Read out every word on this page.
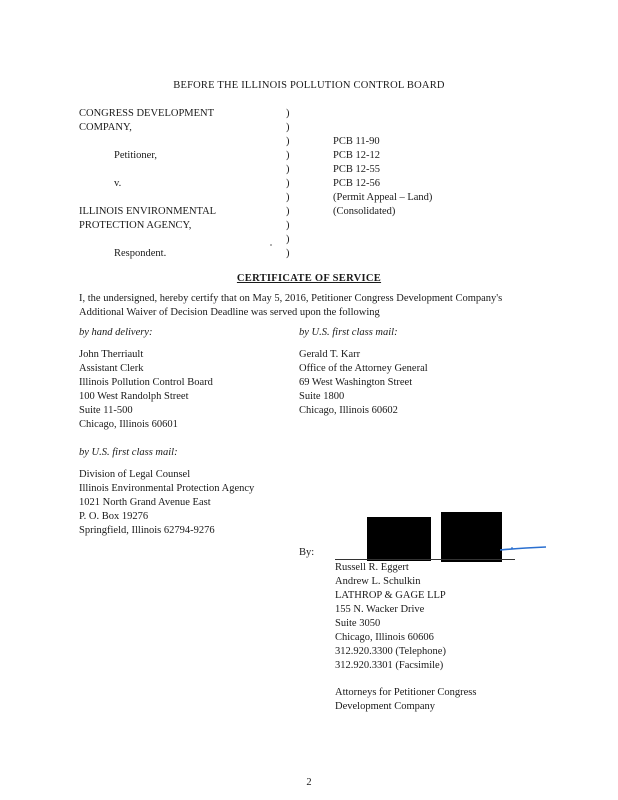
BEFORE THE ILLINOIS POLLUTION CONTROL BOARD
CONGRESS DEVELOPMENT
COMPANY,
Petitioner,
v.
ILLINOIS ENVIRONMENTAL
PROTECTION AGENCY,
Respondent.
)
)
)
)
)
)
)
)
)
)
)
PCB 11-90
PCB 12-12
PCB 12-55
PCB 12-56
(Permit Appeal – Land)
(Consolidated)
CERTIFICATE OF SERVICE
I, the undersigned, hereby certify that on May 5, 2016, Petitioner Congress Development Company's Additional Waiver of Decision Deadline was served upon the following
by hand delivery:
John Therriault
Assistant Clerk
Illinois Pollution Control Board
100 West Randolph Street
Suite 11-500
Chicago, Illinois 60601
by U.S. first class mail:
Gerald T. Karr
Office of the Attorney General
69 West Washington Street
Suite 1800
Chicago, Illinois 60602
by U.S. first class mail:
Division of Legal Counsel
Illinois Environmental Protection Agency
1021 North Grand Avenue East
P. O. Box 19276
Springfield, Illinois 62794-9276
By:
Russell R. Eggert
Andrew L. Schulkin
LATHROP & GAGE LLP
155 N. Wacker Drive
Suite 3050
Chicago, Illinois 60606
312.920.3300 (Telephone)
312.920.3301 (Facsimile)
Attorneys for Petitioner Congress
Development Company
2
